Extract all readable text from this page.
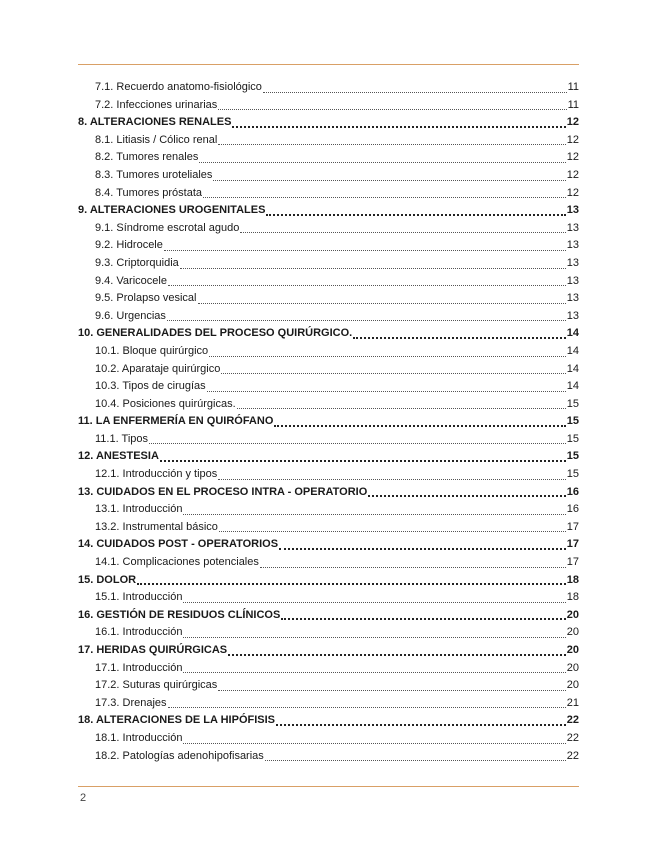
7.1. Recuerdo anatomo-fisiológico	11
7.2. Infecciones urinarias	11
8. ALTERACIONES RENALES	12
8.1. Litiasis / Cólico renal	12
8.2. Tumores renales	12
8.3. Tumores uroteliales	12
8.4. Tumores próstata	12
9. ALTERACIONES UROGENITALES	13
9.1. Síndrome escrotal agudo	13
9.2. Hidrocele	13
9.3. Criptorquidia	13
9.4. Varicocele	13
9.5. Prolapso vesical	13
9.6. Urgencias	13
10. GENERALIDADES DEL PROCESO QUIRÚRGICO.	14
10.1. Bloque quirúrgico	14
10.2. Aparataje quirúrgico	14
10.3. Tipos de cirugías	14
10.4. Posiciones quirúrgicas.	15
11. LA ENFERMERÍA EN QUIRÓFANO	15
11.1. Tipos	15
12. ANESTESIA	15
12.1. Introducción y tipos	15
13. CUIDADOS EN EL PROCESO INTRA - OPERATORIO	16
13.1. Introducción	16
13.2. Instrumental básico	17
14. CUIDADOS POST - OPERATORIOS	17
14.1. Complicaciones potenciales	17
15. DOLOR	18
15.1. Introducción	18
16. GESTIÓN DE RESIDUOS CLÍNICOS	20
16.1. Introducción	20
17. HERIDAS QUIRÚRGICAS	20
17.1. Introducción	20
17.2. Suturas quirúrgicas	20
17.3. Drenajes	21
18. ALTERACIONES DE LA HIPÓFISIS	22
18.1. Introducción	22
18.2. Patologías adenohipofisarias	22
2
